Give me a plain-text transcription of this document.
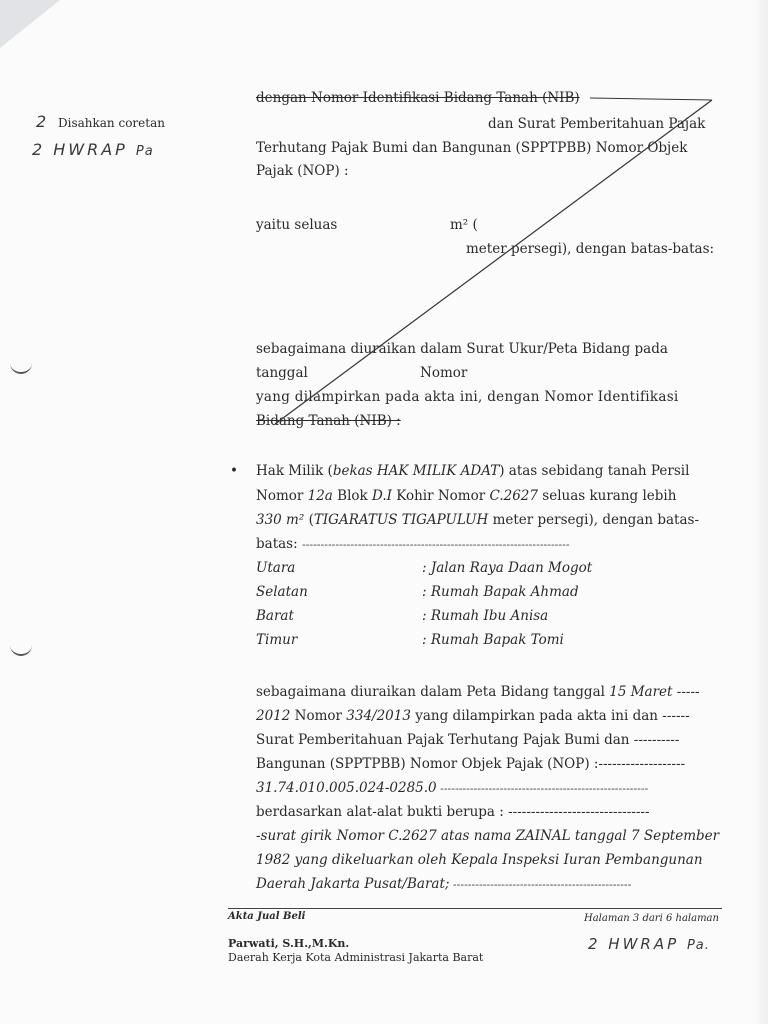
2 Disahkan coretan
2 HWRAP Pa
dengan Nomor Identifikasi Bidang Tanah (NIB)
dan Surat Pemberitahuan Pajak
Terhutang Pajak Bumi dan Bangunan (SPPTPBB) Nomor Objek
Pajak (NOP) :
yaitu seluas	m² (
meter persegi), dengan batas-batas:
sebagaimana diuraikan dalam Surat Ukur/Peta Bidang pada
tanggal	Nomor
yang dilampirkan pada akta ini, dengan Nomor Identifikasi
Bidang Tanah (NIB) :
• Hak Milik (bekas HAK MILIK ADAT) atas sebidang tanah Persil
Nomor 12a Blok D.I Kohir Nomor C.2627 seluas kurang lebih
330 m² (TIGARATUS TIGAPULUH meter persegi), dengan batas-
batas: ------------------------------------------------------------------------
Utara	: Jalan Raya Daan Mogot
Selatan	: Rumah Bapak Ahmad
Barat	: Rumah Ibu Anisa
Timur	: Rumah Bapak Tomi
sebagaimana diuraikan dalam Peta Bidang tanggal 15 Maret -----
2012 Nomor 334/2013 yang dilampirkan pada akta ini dan ------
Surat Pemberitahuan Pajak Terhutang Pajak Bumi dan ----------
Bangunan (SPPTPBB) Nomor Objek Pajak (NOP) :-------------------
31.74.010.005.024-0285.0 --------------------------------------------------------
berdasarkan alat-alat bukti berupa : -------------------------------
-surat girik Nomor C.2627 atas nama ZAINAL tanggal 7 September
1982 yang dikeluarkan oleh Kepala Inspeksi Iuran Pembangunan
Daerah Jakarta Pusat/Barat; ------------------------------------------------
Akta Jual Beli	Halaman 3 dari 6 halaman
Parwati, S.H.,M.Kn.
Daerah Kerja Kota Administrasi Jakarta Barat
2 HWRAP Pa.
